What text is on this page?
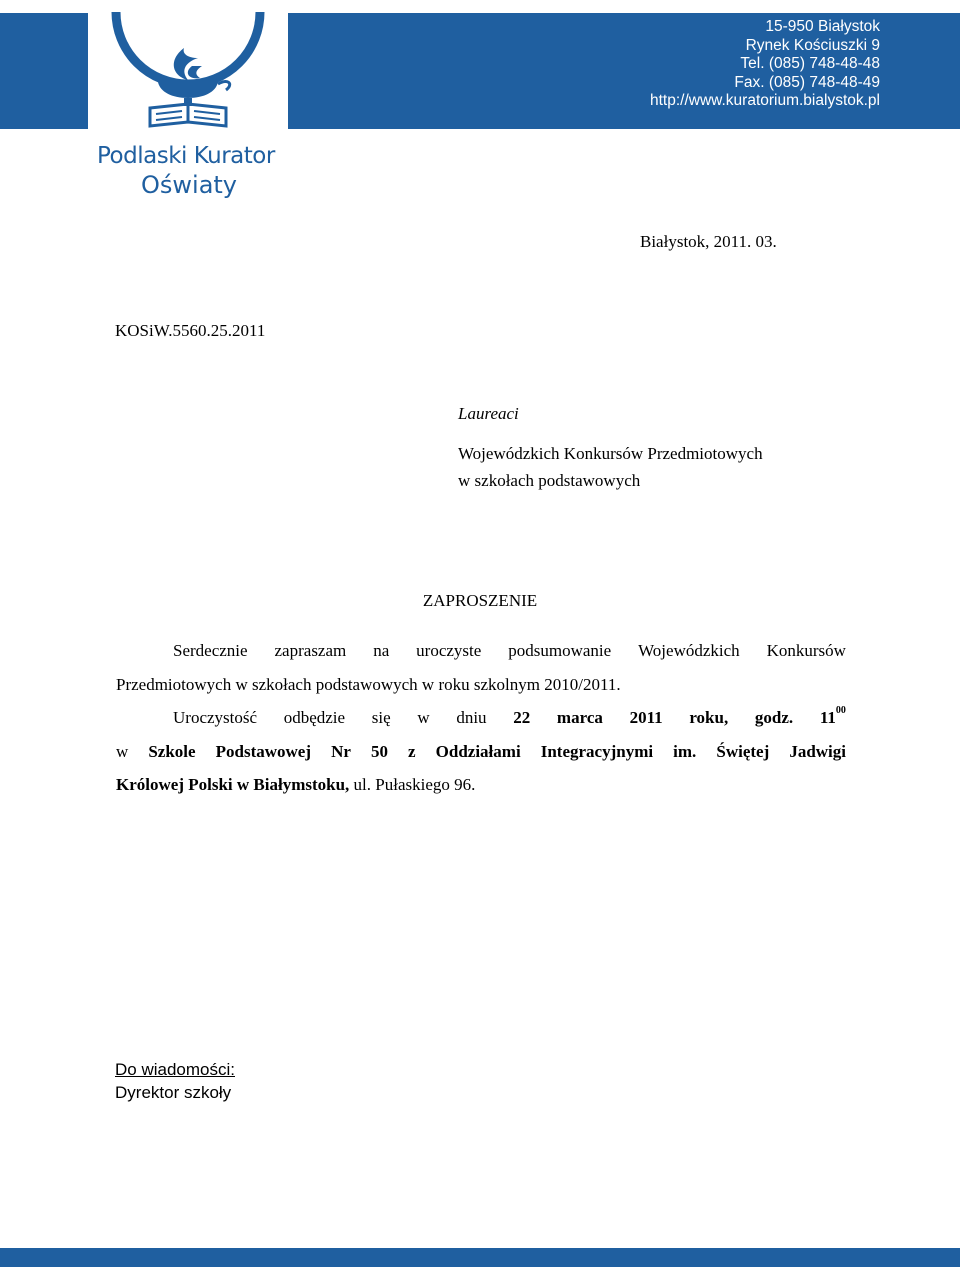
Podlaski Kurator
Oświaty
15-950 Białystok
Rynek Kościuszki 9
Tel. (085) 748-48-48
Fax. (085) 748-48-49
http://www.kuratorium.bialystok.pl
Białystok, 2011. 03.
KOSiW.5560.25.2011
Laureaci
Wojewódzkich Konkursów Przedmiotowych
w szkołach podstawowych
ZAPROSZENIE
Serdecznie zapraszam na uroczyste podsumowanie Wojewódzkich Konkursów
Przedmiotowych w szkołach podstawowych w roku szkolnym 2010/2011.
Uroczystość odbędzie się w dniu 22 marca 2011 roku, godz. $11^{00}$
w Szkole Podstawowej Nr 50 z Oddziałami Integracyjnymi im. Świętej Jadwigi
Królowej Polski w Białymstoku, ul. Pułaskiego 96.
Do wiadomości:
Dyrektor szkoły
